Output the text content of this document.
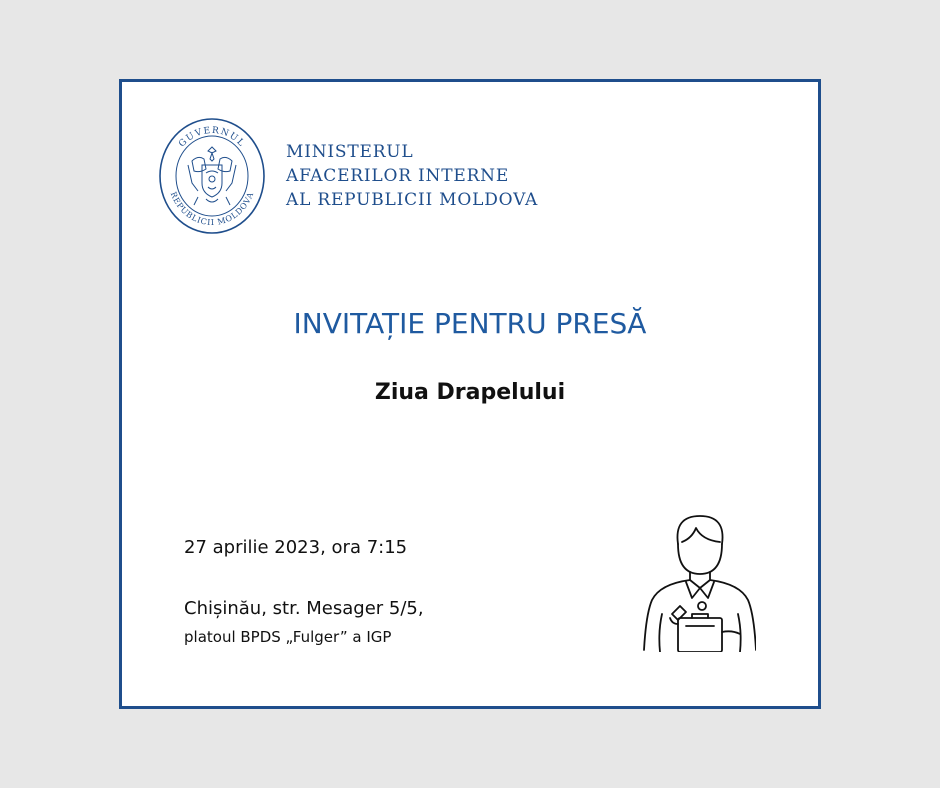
GUVERNUL
REPUBLICII MOLDOVA
MINISTERUL
AFACERILOR INTERNE
AL REPUBLICII MOLDOVA
INVITAȚIE PENTRU PRESĂ
Ziua Drapelului
27 aprilie 2023, ora 7:15
Chișinău, str. Mesager 5/5,
platoul BPDS „Fulger” a IGP
